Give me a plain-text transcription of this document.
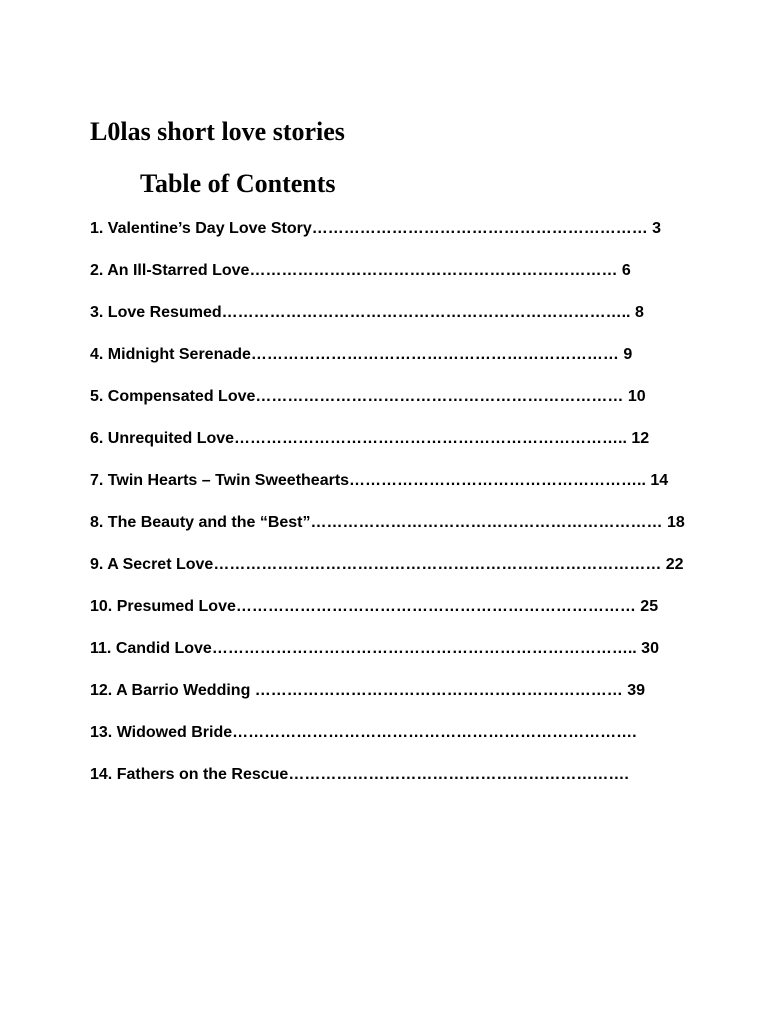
L0las short love stories
Table of Contents
1. Valentine’s Day Love Story……………………………………………………… 3
2. An Ill-Starred Love…………………………………………………………… 6
3. Love Resumed………………………………………………………………….. 8
4. Midnight Serenade…………………………………………………………… 9
5. Compensated Love…………………………………………………………… 10
6. Unrequited Love……………………………………………………………….. 12
7. Twin Hearts – Twin Sweethearts……………………………………………….. 14
8. The Beauty and the “Best”………………………………………………………… 18
9. A Secret Love………………………………………………………………………… 22
10. Presumed Love………………………………………………………………… 25
11. Candid Love…………………………………………………………………….. 30
12. A Barrio Wedding …………………………………………………………… 39
13. Widowed Bride………………………………………………………………….
14. Fathers on the Rescue……………………………………………………….
